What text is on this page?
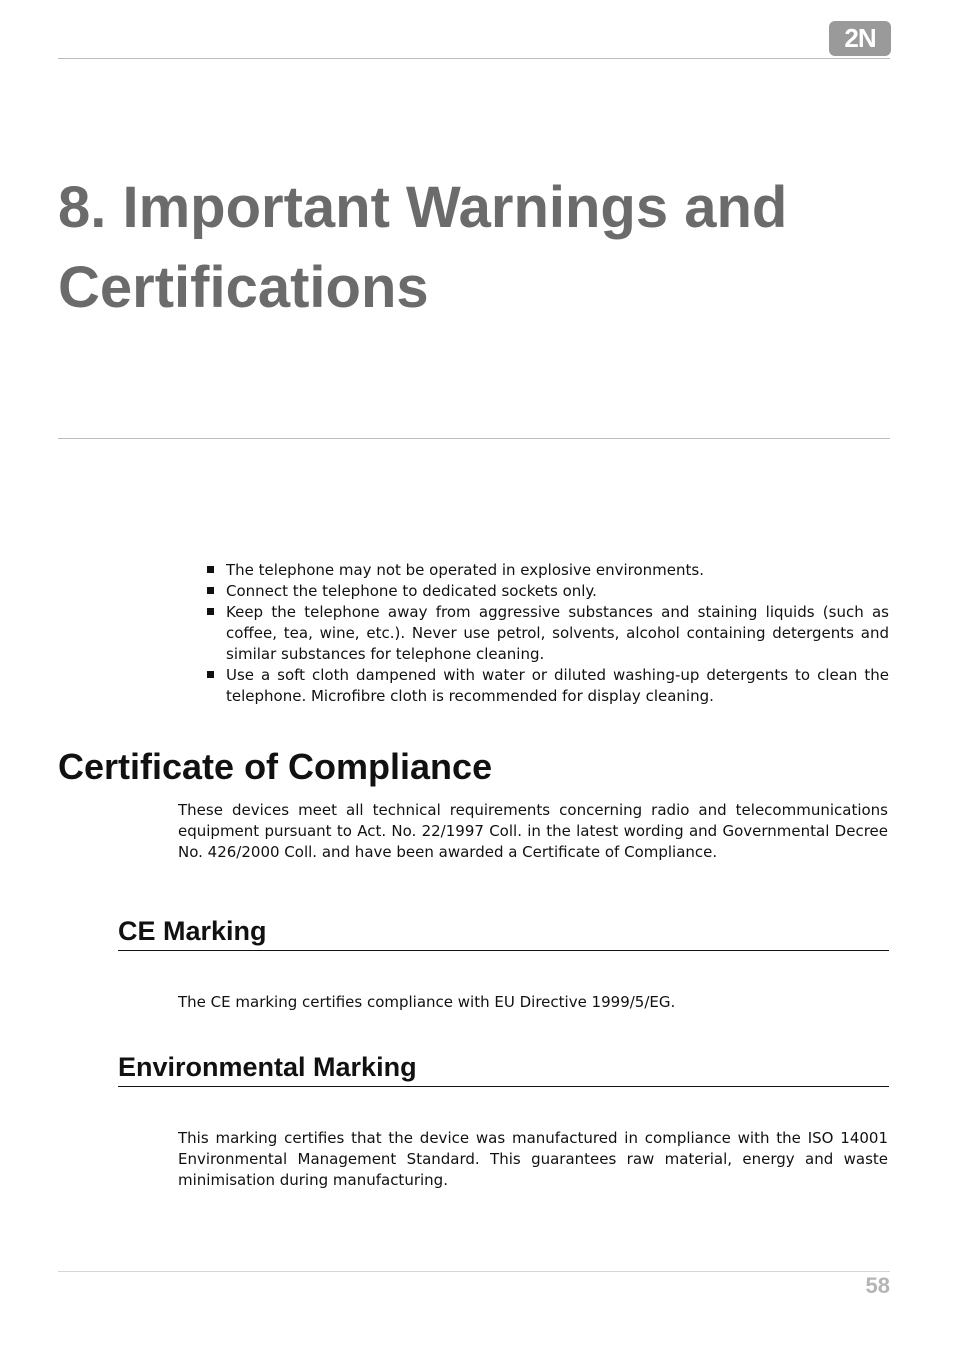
2N
8. Important Warnings and Certifications
The telephone may not be operated in explosive environments.
Connect the telephone to dedicated sockets only.
Keep the telephone away from aggressive substances and staining liquids (such as coffee, tea, wine, etc.). Never use petrol, solvents, alcohol containing detergents and similar substances for telephone cleaning.
Use a soft cloth dampened with water or diluted washing-up detergents to clean the telephone. Microfibre cloth is recommended for display cleaning.
Certificate of Compliance

These devices meet all technical requirements concerning radio and telecommunications equipment pursuant to Act. No. 22/1997 Coll. in the latest wording and Governmental Decree No. 426/2000 Coll. and have been awarded a Certificate of Compliance.

CE Marking

The CE marking certifies compliance with EU Directive 1999/5/EG.

Environmental Marking

This marking certifies that the device was manufactured in compliance with the ISO 14001 Environmental Management Standard. This guarantees raw material, energy and waste minimisation during manufacturing.

58
